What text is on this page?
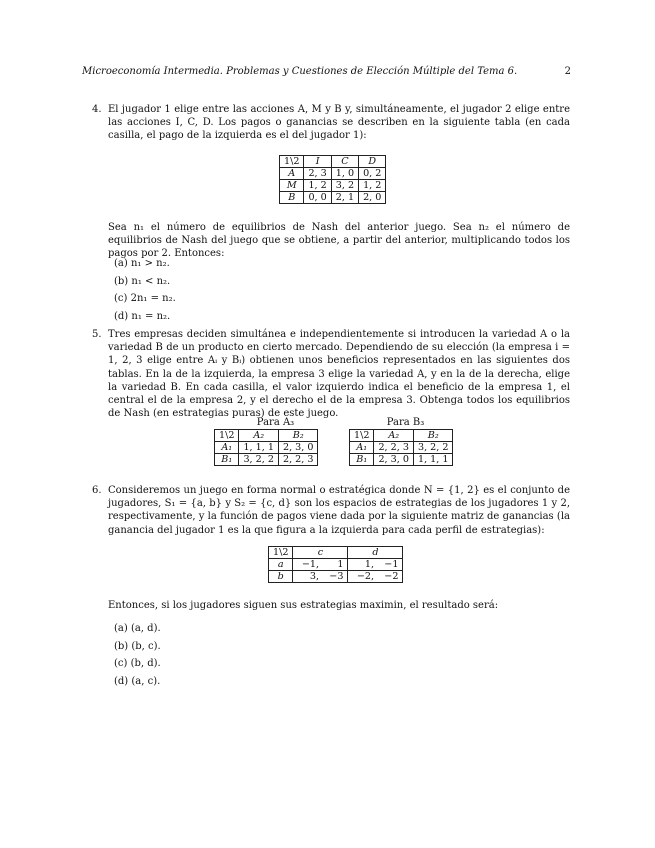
Microeconomía Intermedia. Problemas y Cuestiones de Elección Múltiple del Tema 6.	2
4. El jugador 1 elige entre las acciones A, M y B y, simultáneamente, el jugador 2 elige entre las acciones I, C, D. Los pagos o ganancias se describen en la siguiente tabla (en cada casilla, el pago de la izquierda es el del jugador 1):
1\2	I	C	D
A	2, 3	1, 0	0, 2
M	1, 2	3, 2	1, 2
B	0, 0	2, 1	2, 0
Sea n₁ el número de equilibrios de Nash del anterior juego. Sea n₂ el número de equilibrios de Nash del juego que se obtiene, a partir del anterior, multiplicando todos los pagos por 2. Entonces:
(a) n₁ > n₂.
(b) n₁ < n₂.
(c) 2n₁ = n₂.
(d) n₁ = n₂.
5. Tres empresas deciden simultánea e independientemente si introducen la variedad A o la variedad B de un producto en cierto mercado. Dependiendo de su elección (la empresa i = 1, 2, 3 elige entre Aᵢ y Bᵢ) obtienen unos beneficios representados en las siguientes dos tablas. En la de la izquierda, la empresa 3 elige la variedad A, y en la de la derecha, elige la variedad B. En cada casilla, el valor izquierdo indica el beneficio de la empresa 1, el central el de la empresa 2, y el derecho el de la empresa 3. Obtenga todos los equilibrios de Nash (en estrategias puras) de este juego.
Para A₃
1\2	A₂	B₂
A₁	1, 1, 1	2, 3, 0
B₁	3, 2, 2	2, 2, 3
Para B₃
1\2	A₂	B₂
A₁	2, 2, 3	3, 2, 2
B₁	2, 3, 0	1, 1, 1
6. Consideremos un juego en forma normal o estratégica donde N = {1, 2} es el conjunto de jugadores, S₁ = {a, b} y S₂ = {c, d} son los espacios de estrategias de los jugadores 1 y 2, respectivamente, y la función de pagos viene dada por la siguiente matriz de ganancias (la ganancia del jugador 1 es la que figura a la izquierda para cada perfil de estrategias):
1\2	c		d	
a	−1,	1	1,	−1
b	3,	−3	−2,	−2
Entonces, si los jugadores siguen sus estrategias maximin, el resultado será:
(a) (a, d).
(b) (b, c).
(c) (b, d).
(d) (a, c).
